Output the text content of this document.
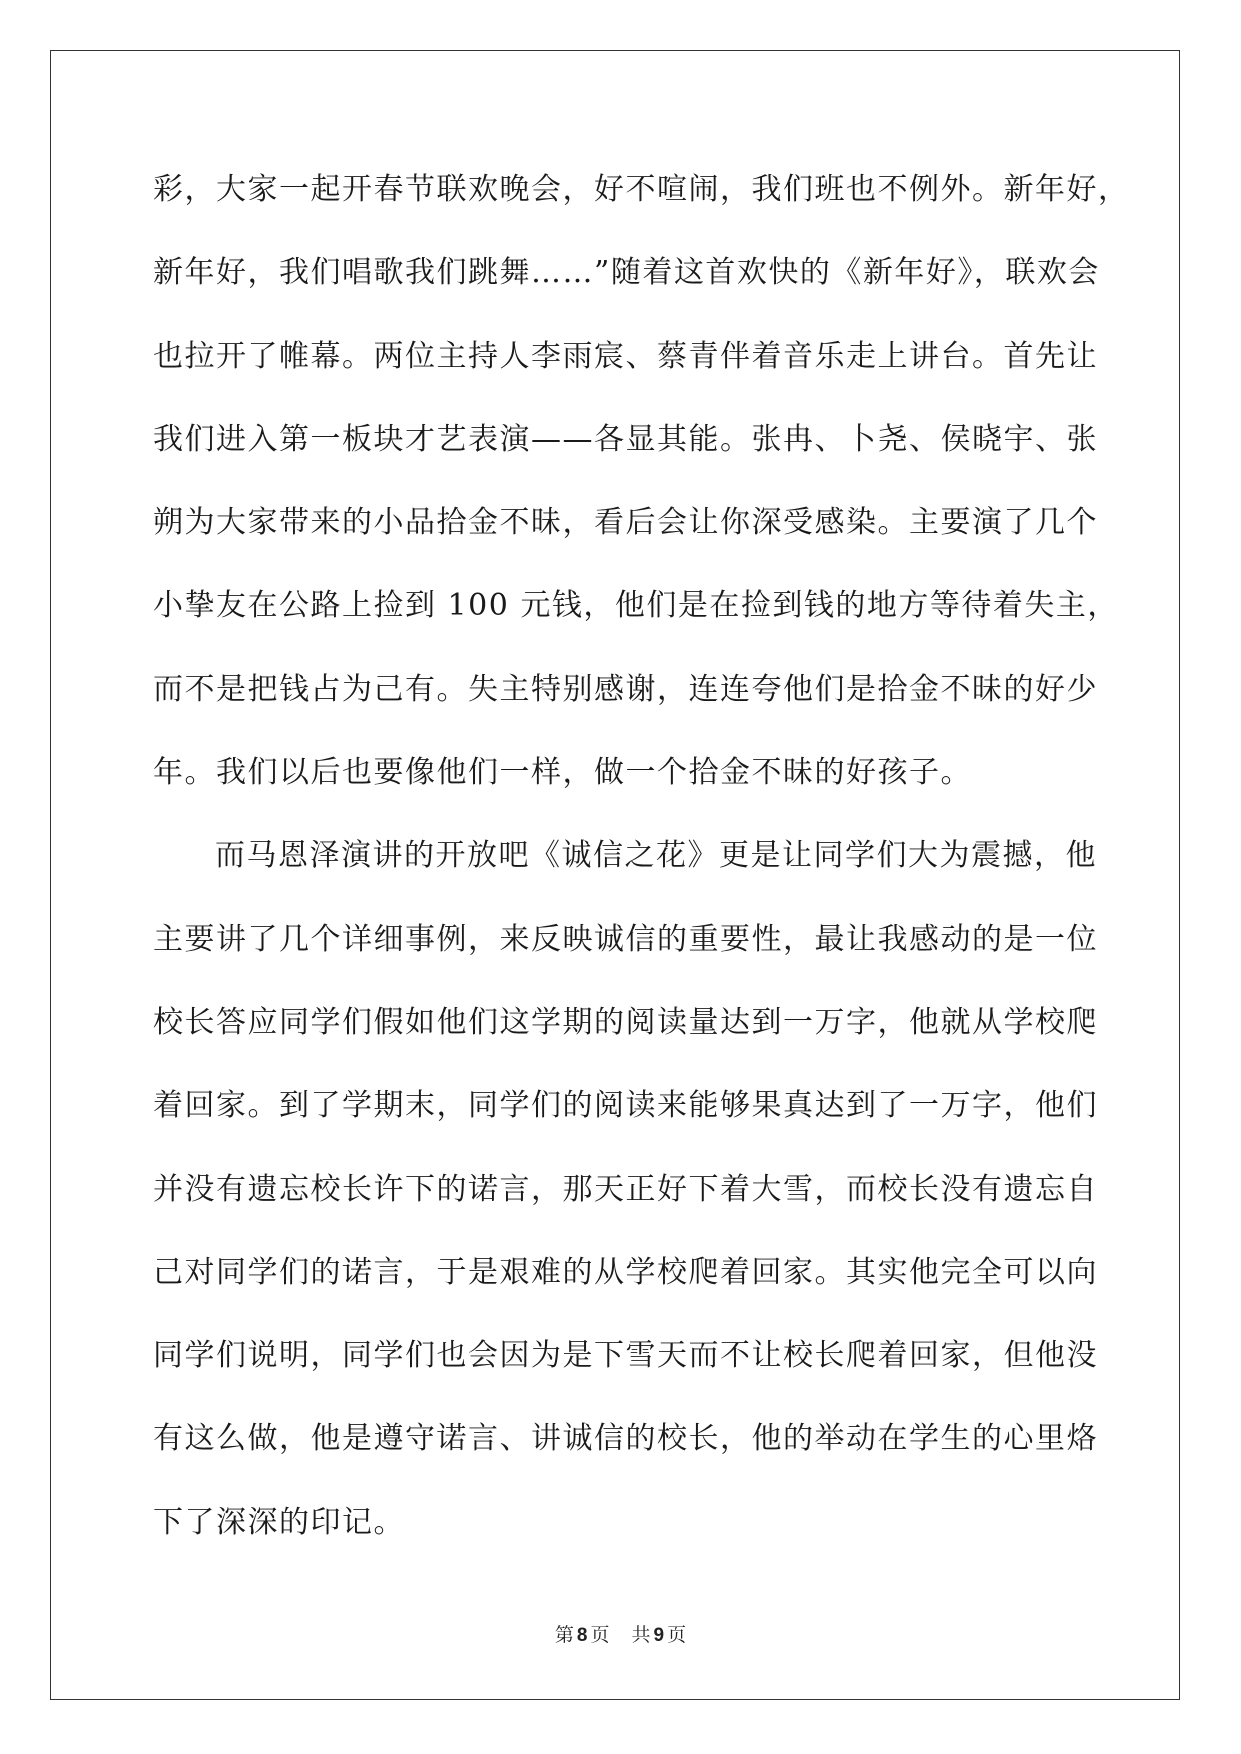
彩，大家一起开春节联欢晚会，好不喧闹，我们班也不例外。新年好，
新年好，我们唱歌我们跳舞……”随着这首欢快的《新年好》，联欢会
也拉开了帷幕。两位主持人李雨宸、蔡青伴着音乐走上讲台。首先让
我们进入第一板块才艺表演——各显其能。张冉、卜尧、侯晓宇、张
朔为大家带来的小品拾金不昧，看后会让你深受感染。主要演了几个
小挚友在公路上捡到 100 元钱，他们是在捡到钱的地方等待着失主，
而不是把钱占为己有。失主特别感谢，连连夸他们是拾金不昧的好少
年。我们以后也要像他们一样，做一个拾金不昧的好孩子。
而马恩泽演讲的开放吧《诚信之花》更是让同学们大为震撼，他
主要讲了几个详细事例，来反映诚信的重要性，最让我感动的是一位
校长答应同学们假如他们这学期的阅读量达到一万字，他就从学校爬
着回家。到了学期末，同学们的阅读来能够果真达到了一万字，他们
并没有遗忘校长许下的诺言，那天正好下着大雪，而校长没有遗忘自
己对同学们的诺言，于是艰难的从学校爬着回家。其实他完全可以向
同学们说明，同学们也会因为是下雪天而不让校长爬着回家，但他没
有这么做，他是遵守诺言、讲诚信的校长，他的举动在学生的心里烙
下了深深的印记。
第 8 页 共 9 页
